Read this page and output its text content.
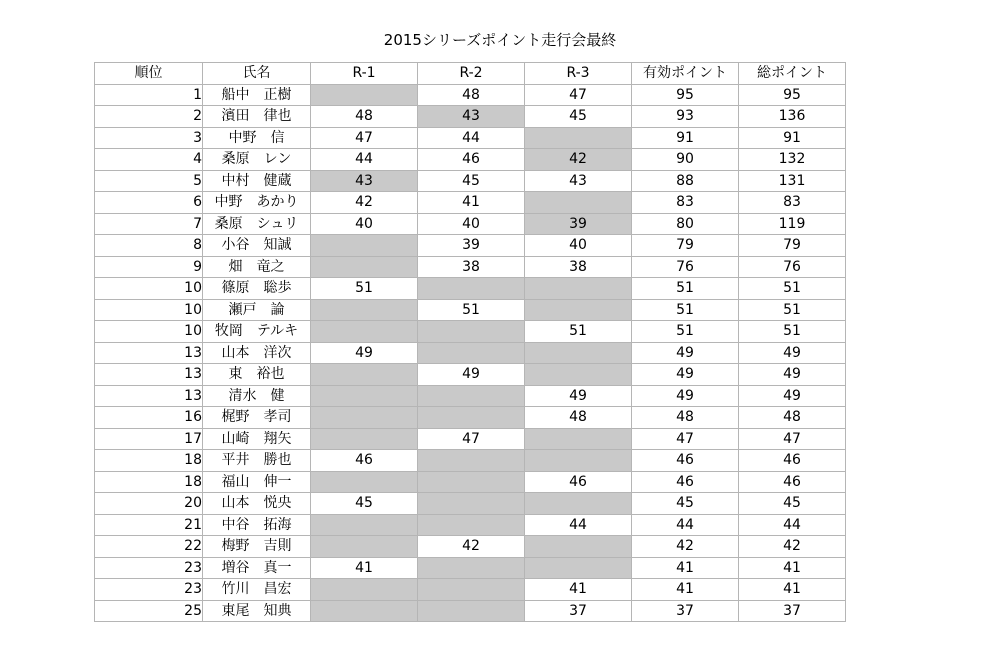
2015シリーズポイント走行会最終
順位	氏名	R-1	R-2	R-3	有効ポイント	総ポイント
1	船中　正樹		48	47	95	95
2	濱田　律也	48	43	45	93	136
3	中野　信	47	44		91	91
4	桑原　レン	44	46	42	90	132
5	中村　健蔵	43	45	43	88	131
6	中野　あかり	42	41		83	83
7	桑原　シュリ	40	40	39	80	119
8	小谷　知誠		39	40	79	79
9	畑　竜之		38	38	76	76
10	篠原　聡歩	51			51	51
10	瀬戸　論		51		51	51
10	牧岡　テルキ			51	51	51
13	山本　洋次	49			49	49
13	東　裕也		49		49	49
13	清水　健			49	49	49
16	梶野　孝司			48	48	48
17	山崎　翔矢		47		47	47
18	平井　勝也	46			46	46
18	福山　伸一			46	46	46
20	山本　悦央	45			45	45
21	中谷　拓海			44	44	44
22	梅野　吉則		42		42	42
23	増谷　真一	41			41	41
23	竹川　昌宏			41	41	41
25	東尾　知典			37	37	37
